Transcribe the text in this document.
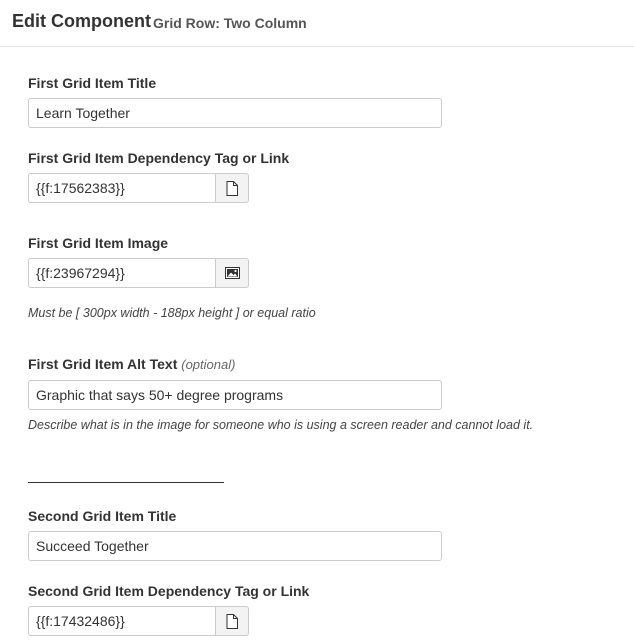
Edit Component Grid Row: Two Column
First Grid Item Title
Learn Together
First Grid Item Dependency Tag or Link
{{f:17562383}}
First Grid Item Image
{{f:23967294}}
Must be [ 300px width - 188px height ] or equal ratio
First Grid Item Alt Text (optional)
Graphic that says 50+ degree programs
Describe what is in the image for someone who is using a screen reader and cannot load it.
Second Grid Item Title
Succeed Together
Second Grid Item Dependency Tag or Link
{{f:17432486}}
